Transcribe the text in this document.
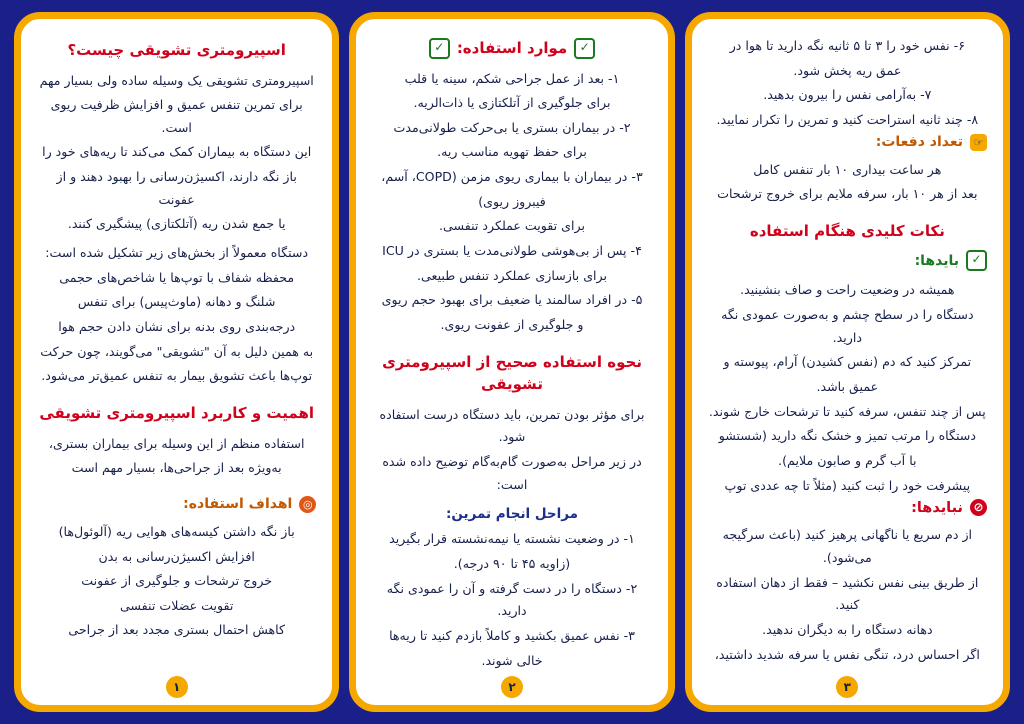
۶- نفس خود را ۳ تا ۵ ثانیه نگه دارید تا هوا در
عمق ریه پخش شود.
۷- به‌آرامی نفس را بیرون بدهید.
۸- چند ثانیه استراحت کنید و تمرین را تکرار نمایید.
☞
تعداد دفعات:
هر ساعت بیداری ۱۰ بار تنفس کامل
بعد از هر ۱۰ بار، سرفه ملایم برای خروج ترشحات
نکات کلیدی هنگام استفاده
✓
بایدها:
همیشه در وضعیت راحت و صاف بنشینید.
دستگاه را در سطح چشم و به‌صورت عمودی نگه دارید.
تمرکز کنید که دم (نفس کشیدن) آرام، پیوسته و
عمیق باشد.
پس از چند تنفس، سرفه کنید تا ترشحات خارج شوند.
دستگاه را مرتب تمیز و خشک نگه دارید (شستشو
با آب گرم و صابون ملایم).
پیشرفت خود را ثبت کنید (مثلاً تا چه عددی توپ
⊘
نبایدها:
از دم سریع یا ناگهانی پرهیز کنید (باعث سرگیجه می‌شود).
از طریق بینی نفس نکشید – فقط از دهان استفاده کنید.
دهانه دستگاه را به دیگران ندهید.
اگر احساس درد، تنگی نفس یا سرفه شدید داشتید،
۳
✓
موارد استفاده:
✓
۱- بعد از عمل جراحی شکم، سینه یا قلب
برای جلوگیری از آتلکتازی یا ذات‌الریه.
۲- در بیماران بستری یا بی‌حرکت طولانی‌مدت
برای حفظ تهویه مناسب ریه.
۳- در بیماران با بیماری ریوی مزمن (COPD، آسم،
فیبروز ریوی)
برای تقویت عملکرد تنفسی.
۴- پس از بی‌هوشی طولانی‌مدت یا بستری در ICU
برای بازسازی عملکرد تنفس طبیعی.
۵- در افراد سالمند یا ضعیف برای بهبود حجم ریوی
و جلوگیری از عفونت ریوی.
نحوه استفاده صحیح از اسپیرومتری تشویقی
برای مؤثر بودن تمرین، باید دستگاه درست استفاده شود.
در زیر مراحل به‌صورت گام‌به‌گام توضیح داده شده است:
مراحل انجام تمرین:
۱- در وضعیت نشسته یا نیمه‌نشسته قرار بگیرید
(زاویه ۴۵ تا ۹۰ درجه).
۲- دستگاه را در دست گرفته و آن را عمودی نگه دارید.
۳- نفس عمیق بکشید و کاملاً بازدم کنید تا ریه‌ها
خالی شوند.
۲
اسپیرومتری تشویقی چیست؟
اسپیرومتری تشویقی یک وسیله ساده ولی بسیار مهم
برای تمرین تنفس عمیق و افزایش ظرفیت ریوی است.
این دستگاه به بیماران کمک می‌کند تا ریه‌های خود را
باز نگه دارند، اکسیژن‌رسانی را بهبود دهند و از عفونت
یا جمع شدن ریه (آتلکتازی) پیشگیری کنند.
دستگاه معمولاً از بخش‌های زیر تشکیل شده است:
محفظه شفاف با توپ‌ها یا شاخص‌های حجمی
شلنگ و دهانه (ماوث‌پیس) برای تنفس
درجه‌بندی روی بدنه برای نشان دادن حجم هوا
به همین دلیل به آن "تشویقی" می‌گویند، چون حرکت
توپ‌ها باعث تشویق بیمار به تنفس عمیق‌تر می‌شود.
اهمیت و کاربرد اسپیرومتری تشویقی
استفاده منظم از این وسیله برای بیماران بستری،
به‌ویژه بعد از جراحی‌ها، بسیار مهم است
◎
اهداف استفاده:
باز نگه داشتن کیسه‌های هوایی ریه (آلوئول‌ها)
افزایش اکسیژن‌رسانی به بدن
خروج ترشحات و جلوگیری از عفونت
تقویت عضلات تنفسی
کاهش احتمال بستری مجدد بعد از جراحی
۱
